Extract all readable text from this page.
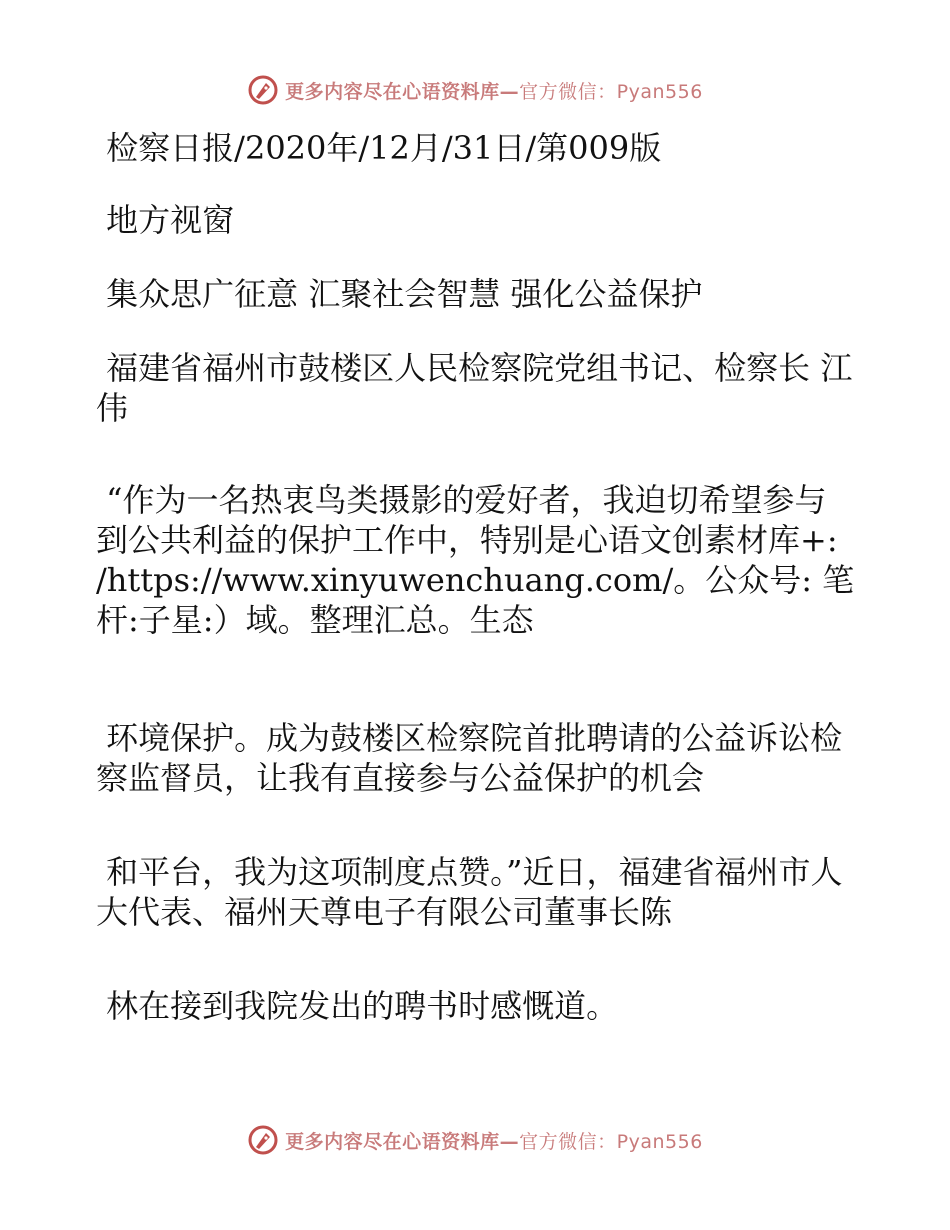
更多内容尽在心语资料库—官方微信：Pyan556

检察日报/2020年/12月/31日/第009版

地方视窗

集众思广征意 汇聚社会智慧 强化公益保护

福建省福州市鼓楼区人民检察院党组书记、检察长 江伟

“作为一名热衷鸟类摄影的爱好者，我迫切希望参与到公共利益的保护工作中，特别是心语文创素材库+: /https://www.xinyuwenchuang.com/。公众号: 笔杆:子星:）域。整理汇总。生态

环境保护。成为鼓楼区检察院首批聘请的公益诉讼检察监督员，让我有直接参与公益保护的机会

和平台，我为这项制度点赞。”近日，福建省福州市人大代表、福州天尊电子有限公司董事长陈

林在接到我院发出的聘书时感慨道。

更多内容尽在心语资料库—官方微信：Pyan556
